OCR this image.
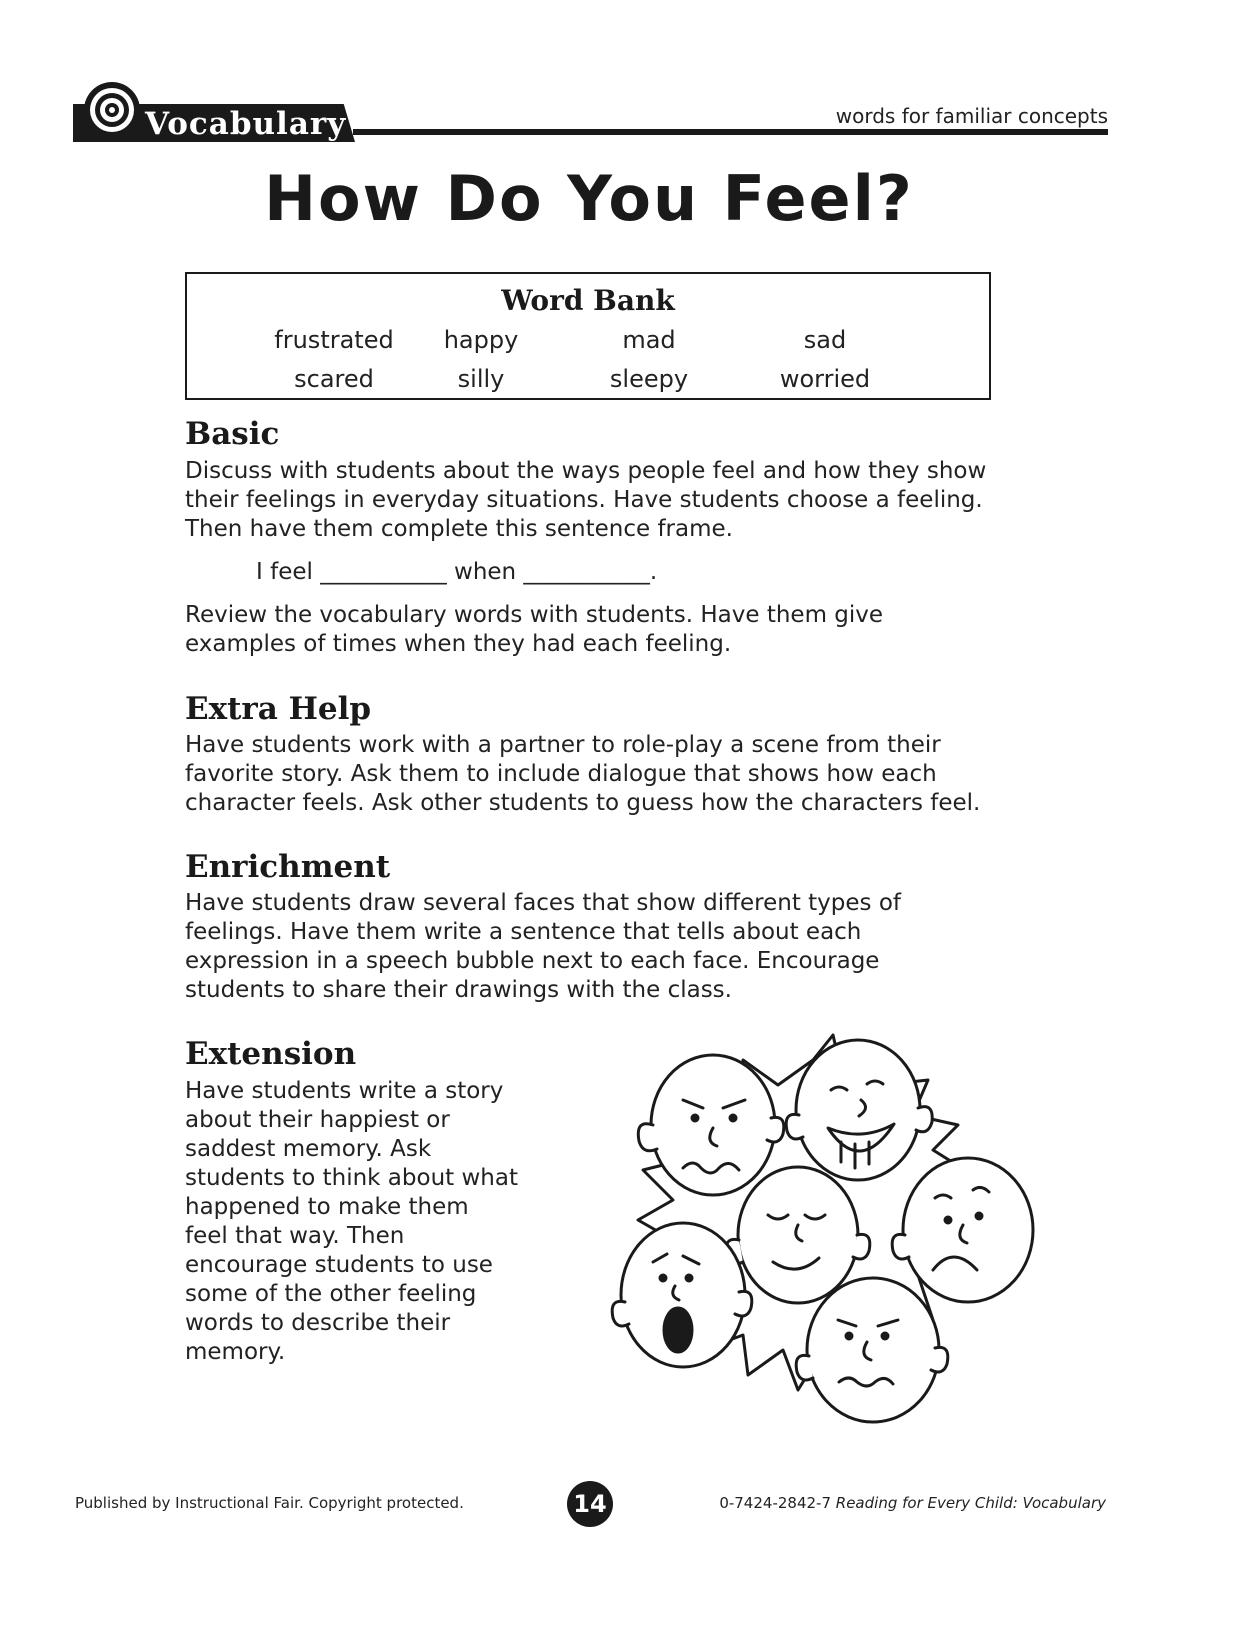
Vocabulary	words for familiar concepts
How Do You Feel?
Word Bank
frustrated	happy	mad	sad
scared	silly	sleepy	worried
Basic
Discuss with students about the ways people feel and how they show
their feelings in everyday situations. Have students choose a feeling.
Then have them complete this sentence frame.
I feel ___________ when ___________.
Review the vocabulary words with students. Have them give
examples of times when they had each feeling.
Extra Help
Have students work with a partner to role-play a scene from their
favorite story. Ask them to include dialogue that shows how each
character feels. Ask other students to guess how the characters feel.
Enrichment
Have students draw several faces that show different types of
feelings. Have them write a sentence that tells about each
expression in a speech bubble next to each face. Encourage
students to share their drawings with the class.
Extension
Have students write a story
about their happiest or
saddest memory. Ask
students to think about what
happened to make them
feel that way. Then
encourage students to use
some of the other feeling
words to describe their
memory.
Published by Instructional Fair. Copyright protected.	14	0-7424-2842-7 Reading for Every Child: Vocabulary
